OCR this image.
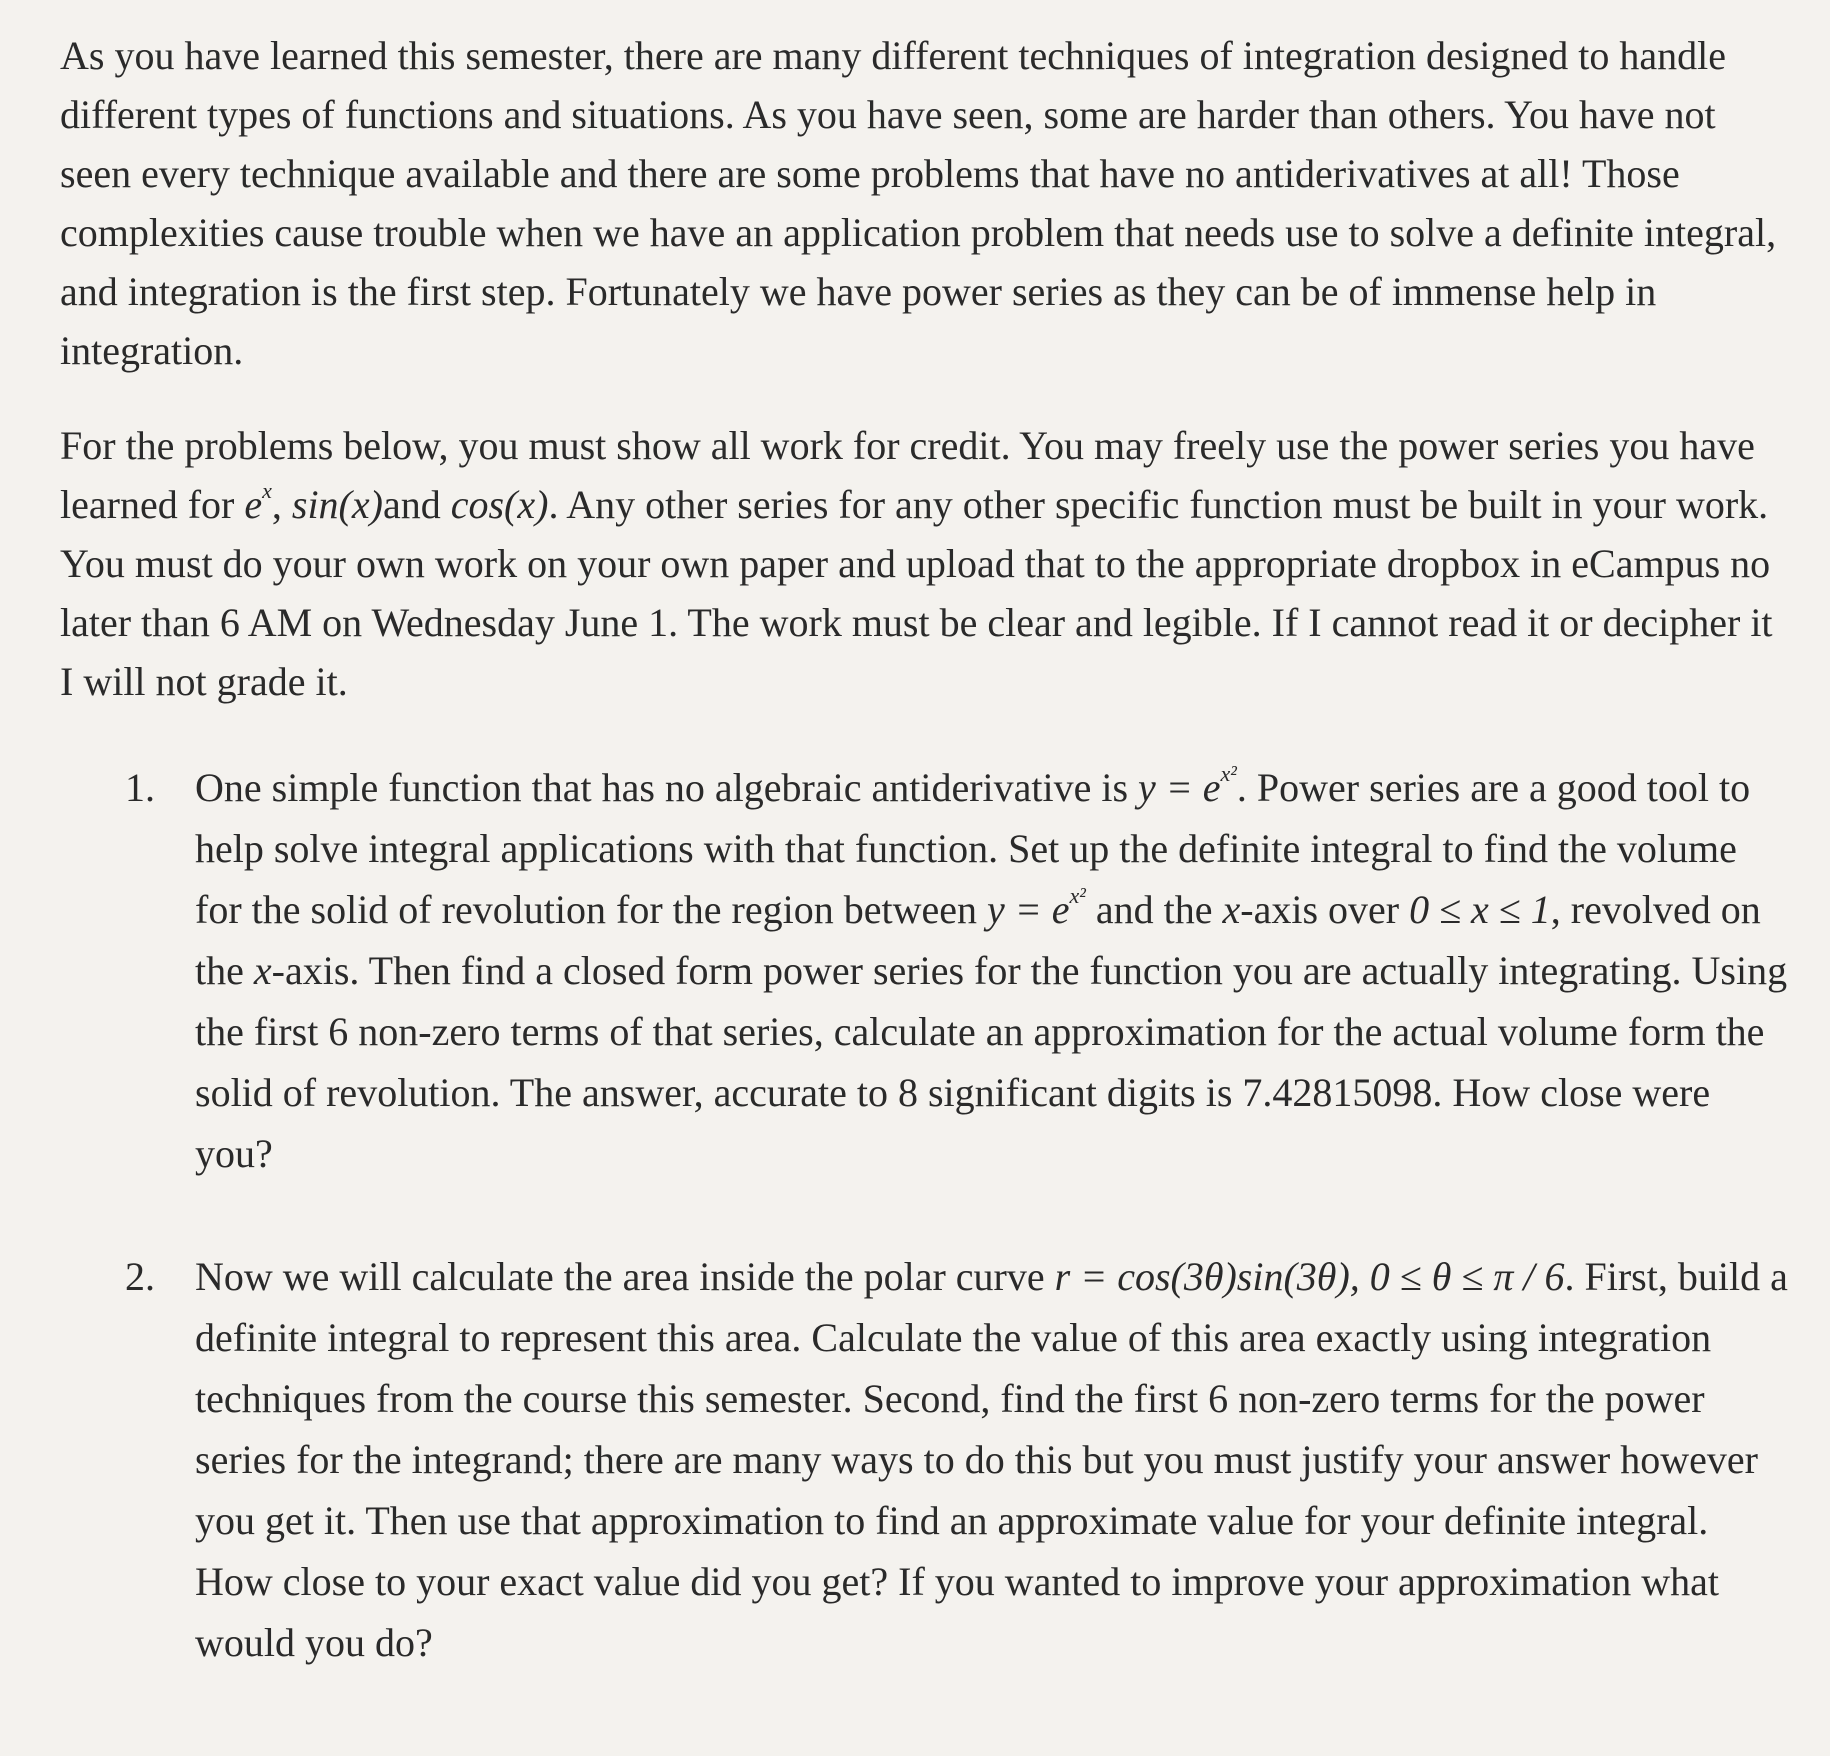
As you have learned this semester, there are many different techniques of integration designed to handle different types of functions and situations. As you have seen, some are harder than others. You have not seen every technique available and there are some problems that have no antiderivatives at all! Those complexities cause trouble when we have an application problem that needs use to solve a definite integral, and integration is the first step. Fortunately we have power series as they can be of immense help in integration.

For the problems below, you must show all work for credit. You may freely use the power series you have learned for $e^x$, sin(x)and cos(x). Any other series for any other specific function must be built in your work. You must do your own work on your own paper and upload that to the appropriate dropbox in eCampus no later than 6 AM on Wednesday June 1. The work must be clear and legible. If I cannot read it or decipher it I will not grade it.

1. One simple function that has no algebraic antiderivative is $y = e^{x^2}$. Power series are a good tool to help solve integral applications with that function. Set up the definite integral to find the volume for the solid of revolution for the region between $y = e^{x^2}$ and the x-axis over 0 ≤ x ≤ 1, revolved on the x-axis. Then find a closed form power series for the function you are actually integrating. Using the first 6 non-zero terms of that series, calculate an approximation for the actual volume form the solid of revolution. The answer, accurate to 8 significant digits is 7.42815098. How close were you?
2. Now we will calculate the area inside the polar curve r = cos(3θ)sin(3θ), 0 ≤ θ ≤ π / 6. First, build a definite integral to represent this area. Calculate the value of this area exactly using integration techniques from the course this semester. Second, find the first 6 non-zero terms for the power series for the integrand; there are many ways to do this but you must justify your answer however you get it. Then use that approximation to find an approximate value for your definite integral. How close to your exact value did you get? If you wanted to improve your approximation what would you do?
